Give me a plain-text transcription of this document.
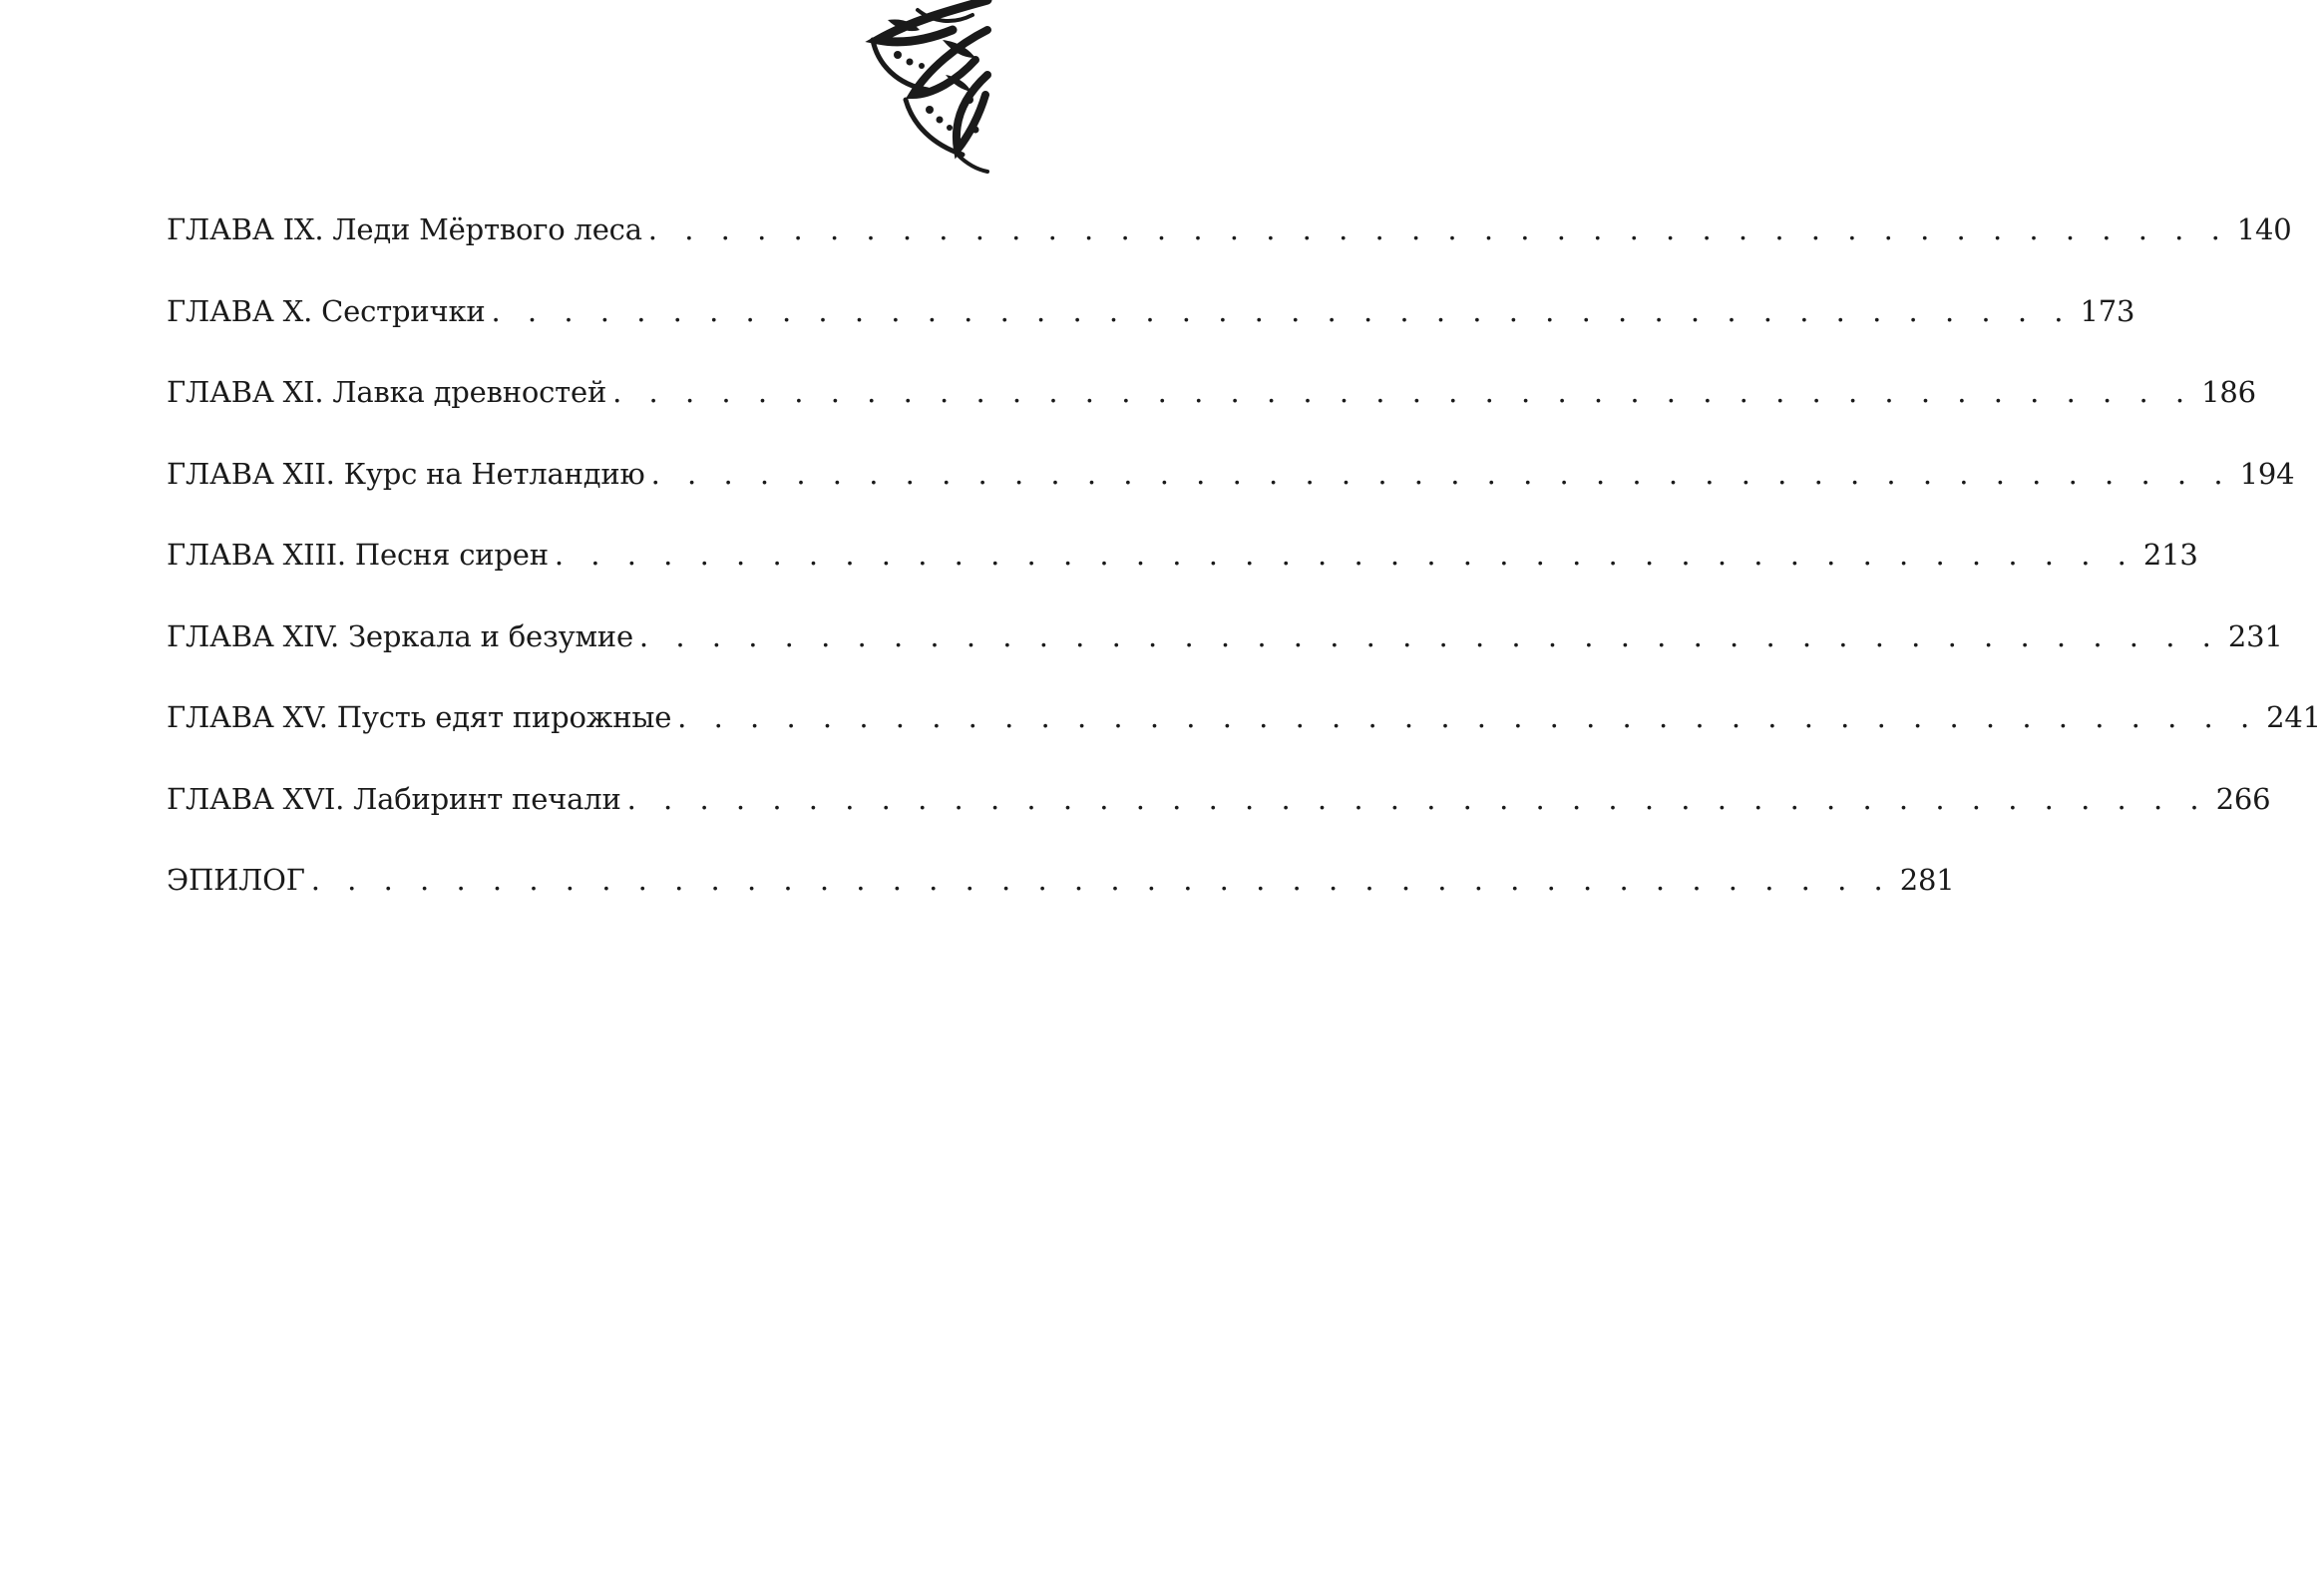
ГЛАВА IX. Леди Мёртвого леса . . . . . . . . . . . . . . . . . . . . . . . . . . . . . . . . . . . . . . . . . . . . 140
ГЛАВА X. Сестрички . . . . . . . . . . . . . . . . . . . . . . . . . . . . . . . . . . . . . . . . . . . . 173
ГЛАВА XI. Лавка древностей . . . . . . . . . . . . . . . . . . . . . . . . . . . . . . . . . . . . . . . . . . . . 186
ГЛАВА XII. Курс на Нетландию . . . . . . . . . . . . . . . . . . . . . . . . . . . . . . . . . . . . . . . . . . . . 194
ГЛАВА XIII. Песня сирен . . . . . . . . . . . . . . . . . . . . . . . . . . . . . . . . . . . . . . . . . . . . 213
ГЛАВА XIV. Зеркала и безумие . . . . . . . . . . . . . . . . . . . . . . . . . . . . . . . . . . . . . . . . . . . . 231
ГЛАВА XV. Пусть едят пирожные . . . . . . . . . . . . . . . . . . . . . . . . . . . . . . . . . . . . . . . . . . . . 241
ГЛАВА XVI. Лабиринт печали . . . . . . . . . . . . . . . . . . . . . . . . . . . . . . . . . . . . . . . . . . . . 266
ЭПИЛОГ . . . . . . . . . . . . . . . . . . . . . . . . . . . . . . . . . . . . . . . . . . . . 281
